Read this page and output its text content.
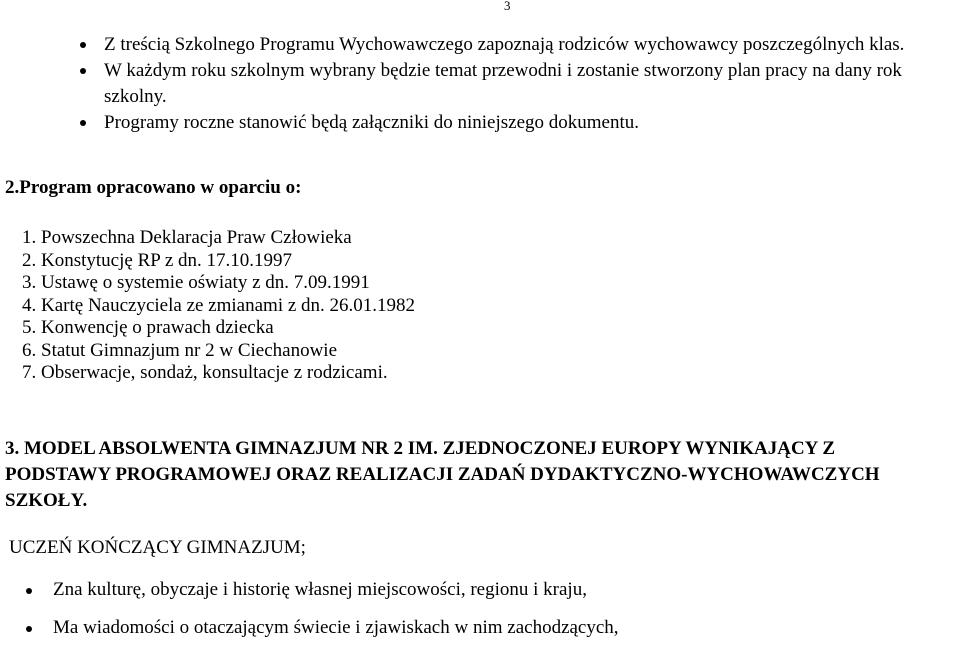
3
Z treścią Szkolnego Programu Wychowawczego zapoznają rodziców wychowawcy poszczególnych klas.
W każdym roku szkolnym wybrany będzie temat przewodni i zostanie stworzony plan pracy na dany rok szkolny.
Programy roczne stanowić będą załączniki do niniejszego dokumentu.
2.Program opracowano w oparciu o:
1. Powszechna Deklaracja Praw Człowieka
2. Konstytucję RP z dn. 17.10.1997
3. Ustawę o systemie oświaty z dn. 7.09.1991
4. Kartę Nauczyciela ze zmianami z dn. 26.01.1982
5. Konwencję o prawach dziecka
6. Statut Gimnazjum nr 2 w Ciechanowie
7. Obserwacje, sondaż, konsultacje z rodzicami.
3. MODEL ABSOLWENTA GIMNAZJUM NR 2 IM. ZJEDNOCZONEJ EUROPY WYNIKAJĄCY Z PODSTAWY PROGRAMOWEJ ORAZ REALIZACJI ZADAŃ DYDAKTYCZNO-WYCHOWAWCZYCH SZKOŁY.
UCZEŃ KOŃCZĄCY GIMNAZJUM;
Zna kulturę, obyczaje i historię własnej miejscowości, regionu i kraju,
Ma wiadomości o otaczającym świecie i zjawiskach w nim zachodzących,
